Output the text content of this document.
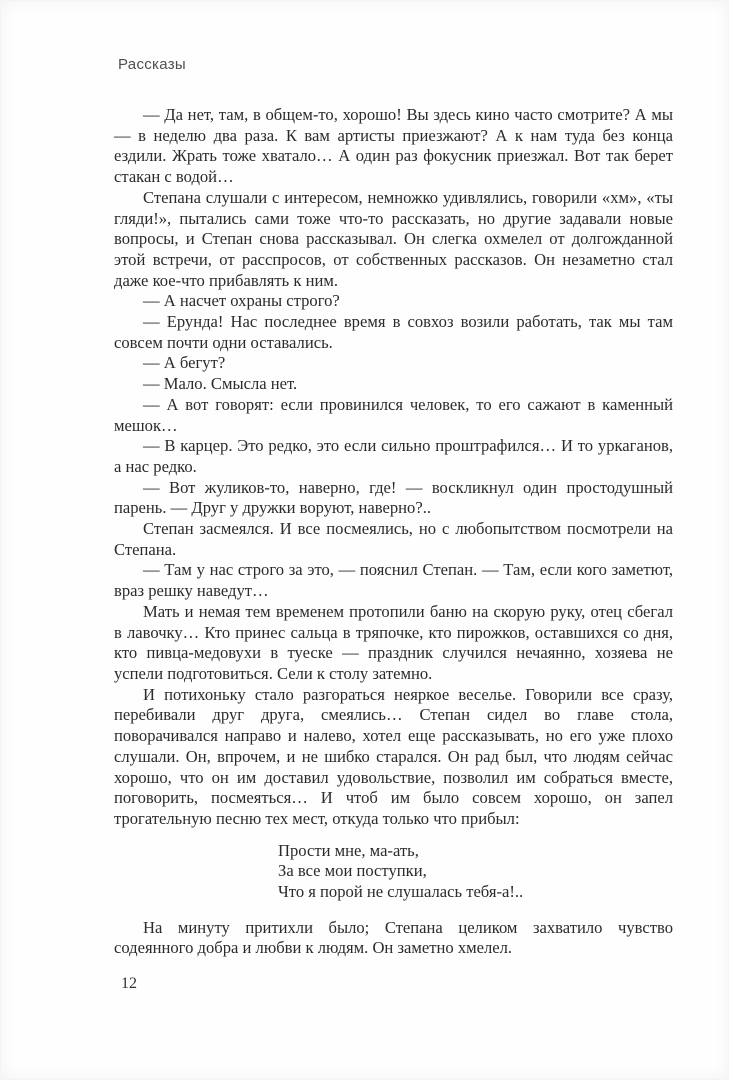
Рассказы

— Да нет, там, в общем-то, хорошо! Вы здесь кино часто смотрите? А мы — в неделю два раза. К вам артисты приезжают? А к нам туда без конца ездили. Жрать тоже хватало… А один раз фокусник приезжал. Вот так берет стакан с водой…

Степана слушали с интересом, немножко удивлялись, говорили «хм», «ты гляди!», пытались сами тоже что-то рассказать, но другие задавали новые вопросы, и Степан снова рассказывал. Он слегка охмелел от долгожданной этой встречи, от расспросов, от собственных рассказов. Он незаметно стал даже кое-что прибавлять к ним.

— А насчет охраны строго?

— Ерунда! Нас последнее время в совхоз возили работать, так мы там совсем почти одни оставались.

— А бегут?

— Мало. Смысла нет.

— А вот говорят: если провинился человек, то его сажают в каменный мешок…

— В карцер. Это редко, это если сильно проштрафился… И то уркаганов, а нас редко.

— Вот жуликов-то, наверно, где! — воскликнул один простодушный парень. — Друг у дружки воруют, наверно?..

Степан засмеялся. И все посмеялись, но с любопытством посмотрели на Степана.

— Там у нас строго за это, — пояснил Степан. — Там, если кого заметют, враз решку наведут…

Мать и немая тем временем протопили баню на скорую руку, отец сбегал в лавочку… Кто принес сальца в тряпочке, кто пирожков, оставшихся со дня, кто пивца-медовухи в туеске — праздник случился нечаянно, хозяева не успели подготовиться. Сели к столу затемно.

И потихоньку стало разгораться неяркое веселье. Говорили все сразу, перебивали друг друга, смеялись… Степан сидел во главе стола, поворачивался направо и налево, хотел еще рассказывать, но его уже плохо слушали. Он, впрочем, и не шибко старался. Он рад был, что людям сейчас хорошо, что он им доставил удовольствие, позволил им собраться вместе, поговорить, посмеяться… И чтоб им было совсем хорошо, он запел трогательную песню тех мест, откуда только что прибыл:

Прости мне, ма-ать,
За все мои поступки,
Что я порой не слушалась тебя-а!..

На минуту притихли было; Степана целиком захватило чувство содеянного добра и любви к людям. Он заметно хмелел.

12
